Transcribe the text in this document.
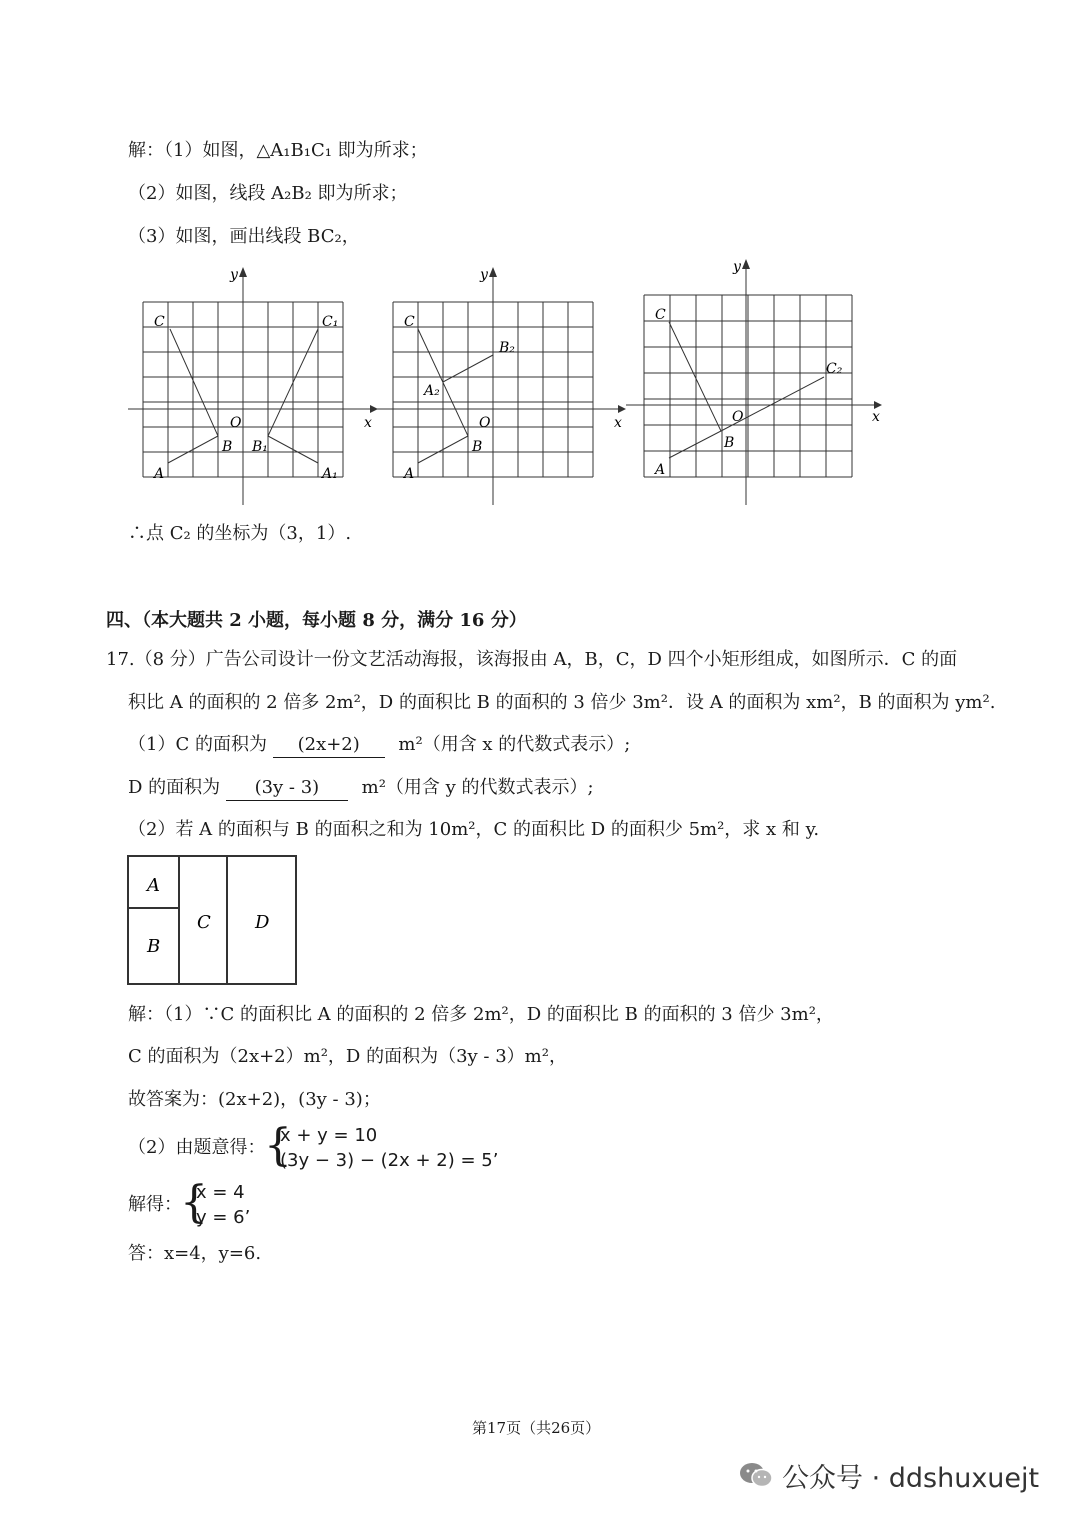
解：（1）如图，△A₁B₁C₁ 即为所求；
（2）如图，线段 A₂B₂ 即为所求；
（3）如图，画出线段 BC₂，
y
x
O
C	C₁
B B₁
A	A₁
y
x
O
C
B₂
A₂
B
A
y
x
O
C
C₂
B
A
∴点 C₂ 的坐标为（3，1）.
四、（本大题共 2 小题，每小题 8 分，满分 16 分）
17.（8 分）广告公司设计一份文艺活动海报，该海报由 A，B，C，D 四个小矩形组成，如图所示．C 的面
积比 A 的面积的 2 倍多 2m²，D 的面积比 B 的面积的 3 倍少 3m²．设 A 的面积为 xm²，B 的面积为 ym².
（1）C 的面积为 (2x+2) m²（用含 x 的代数式表示）;
D 的面积为 (3y - 3) m²（用含 y 的代数式表示）;
（2）若 A 的面积与 B 的面积之和为 10m²，C 的面积比 D 的面积少 5m²，求 x 和 y.
A
B
C D
解：（1）∵C 的面积比 A 的面积的 2 倍多 2m²，D 的面积比 B 的面积的 3 倍少 3m²，
C 的面积为（2x+2）m²，D 的面积为（3y - 3）m²，
故答案为：(2x+2)，(3y - 3)；
（2）由题意得：
{
x + y = 10
(3y − 3) − (2x + 2) = 5’
解得：
{
x = 4
y = 6’
答：x=4，y=6.
第17页（共26页）
公众号 · ddshuxuejt
